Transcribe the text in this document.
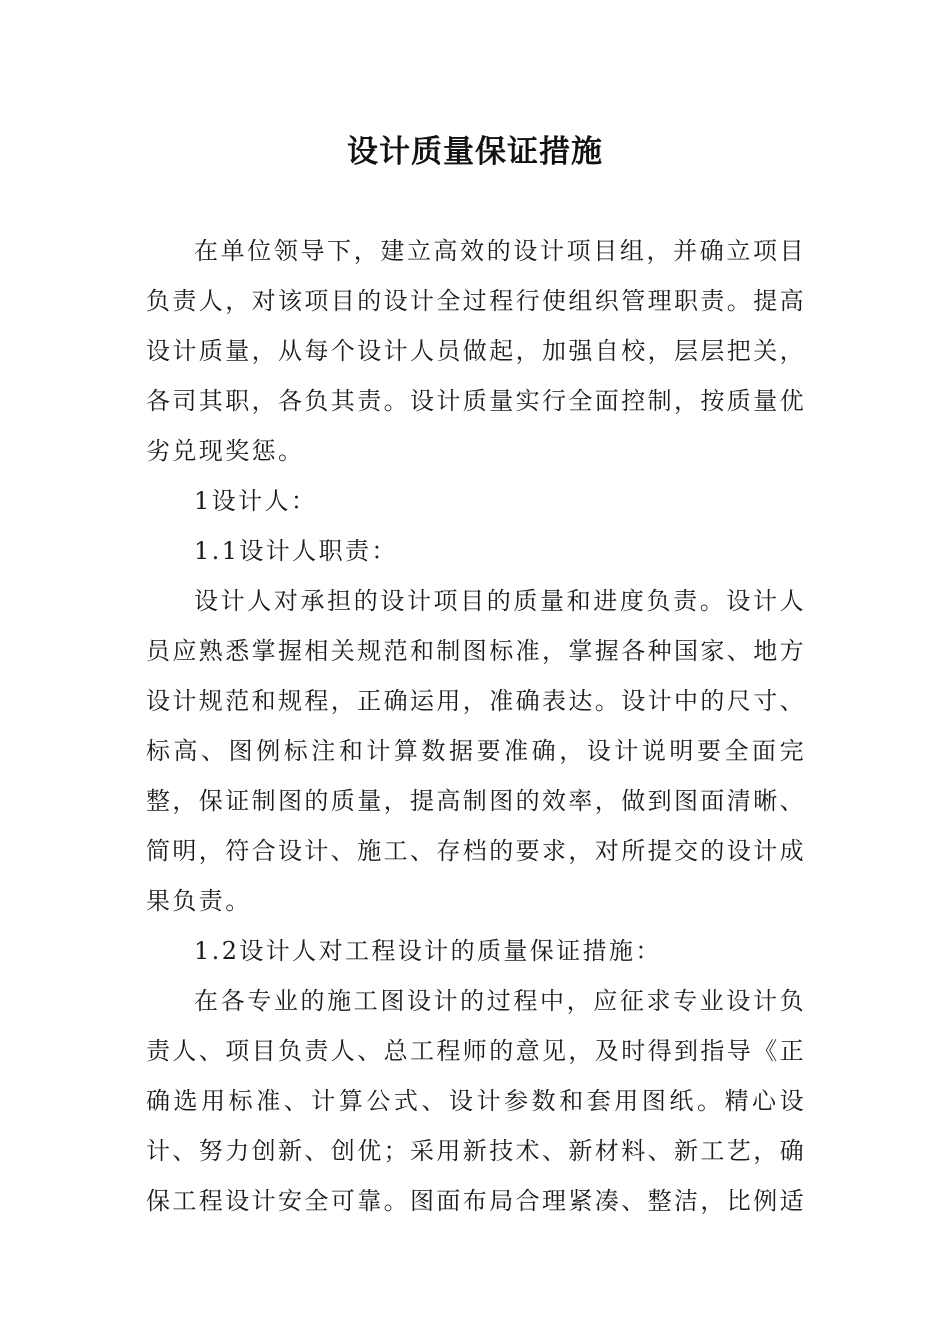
设计质量保证措施

在单位领导下，建立高效的设计项目组，并确立项目负责人，对该项目的设计全过程行使组织管理职责。提高设计质量，从每个设计人员做起，加强自校，层层把关，各司其职，各负其责。设计质量实行全面控制，按质量优劣兑现奖惩。

1设计人：

1.1设计人职责：

设计人对承担的设计项目的质量和进度负责。设计人员应熟悉掌握相关规范和制图标准，掌握各种国家、地方设计规范和规程，正确运用，准确表达。设计中的尺寸、标高、图例标注和计算数据要准确，设计说明要全面完整，保证制图的质量，提高制图的效率，做到图面清晰、简明，符合设计、施工、存档的要求，对所提交的设计成果负责。

1.2设计人对工程设计的质量保证措施：

在各专业的施工图设计的过程中，应征求专业设计负责人、项目负责人、总工程师的意见，及时得到指导《正确选用标准、计算公式、设计参数和套用图纸。精心设计、努力创新、创优；采用新技术、新材料、新工艺，确保工程设计安全可靠。图面布局合理紧凑、整洁，比例适
